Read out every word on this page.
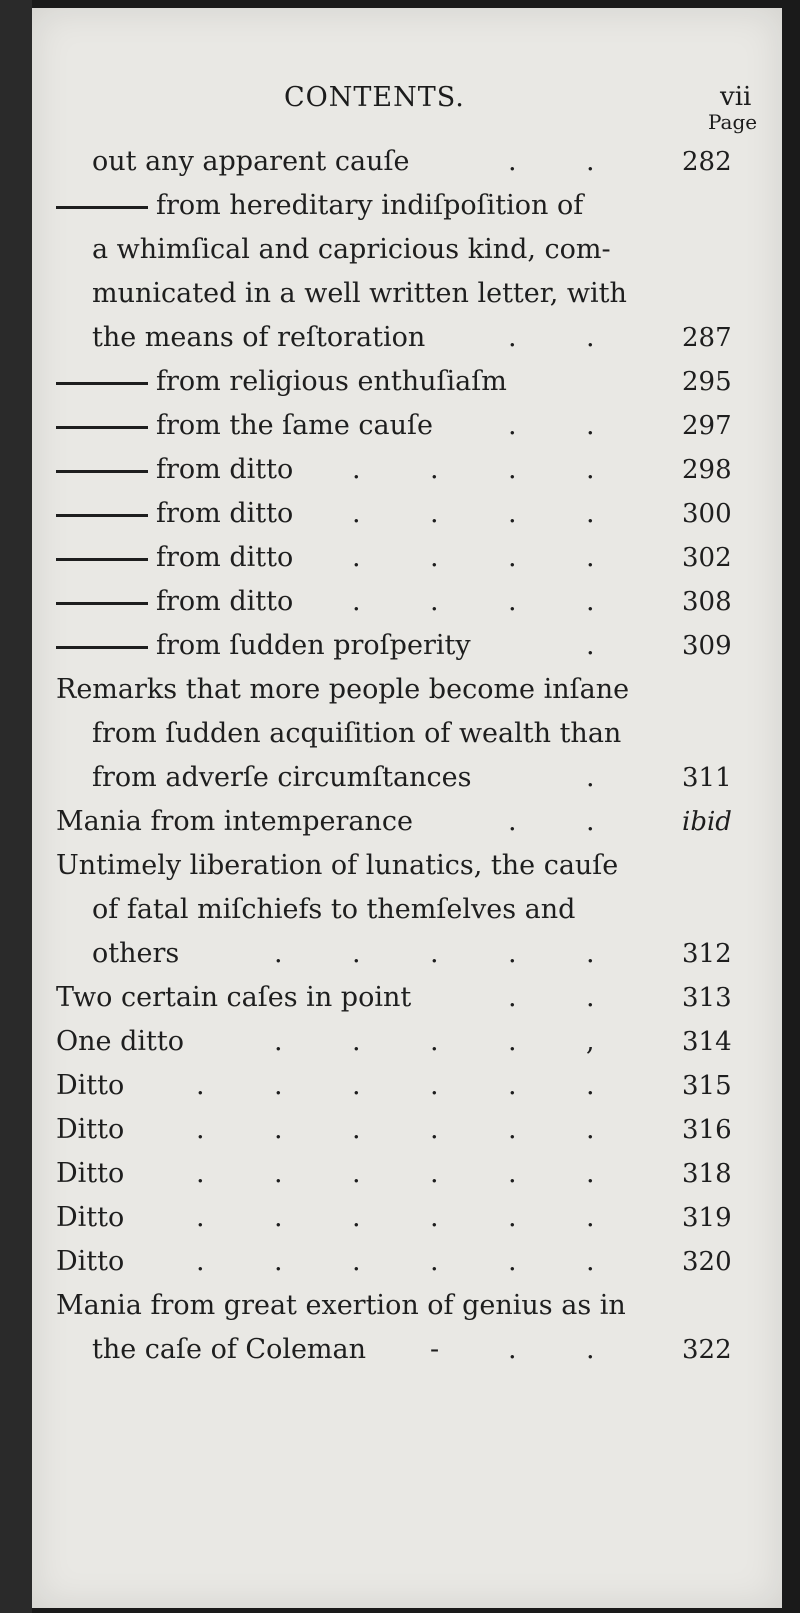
CONTENTS.	vii
Page
out any apparent cauſe	.	.	282
from hereditary indiſpoſition of
a whimſical and capricious kind, com-
municated in a well written letter, with
the means of reſtoration	.	.	287
from religious enthuſiaſm	295
from the ſame cauſe	.	.	297
from ditto .	.	.	.	298
from ditto .	.	.	.	300
from ditto .	.	.	.	302
from ditto .	.	.	.	308
from ſudden proſperity	.	309
Remarks that more people become inſane
from ſudden acquiſition of wealth than
from adverſe circumſtances	.	311
Mania from intemperance	.	.	ibid
Untimely liberation of lunatics, the cauſe
of fatal miſchiefs to themſelves and
others	.	.	.	.	.	312
Two certain caſes in point	.	.	313
One ditto	.	.	.	.	,	314
Ditto	.	.	.	.	.	.	315
Ditto	.	.	.	.	.	.	316
Ditto	.	.	.	.	.	.	318
Ditto	.	.	.	.	.	.	319
Ditto	.	.	.	.	.	.	320
Mania from great exertion of genius as in
the caſe of Coleman -	.	.	322
